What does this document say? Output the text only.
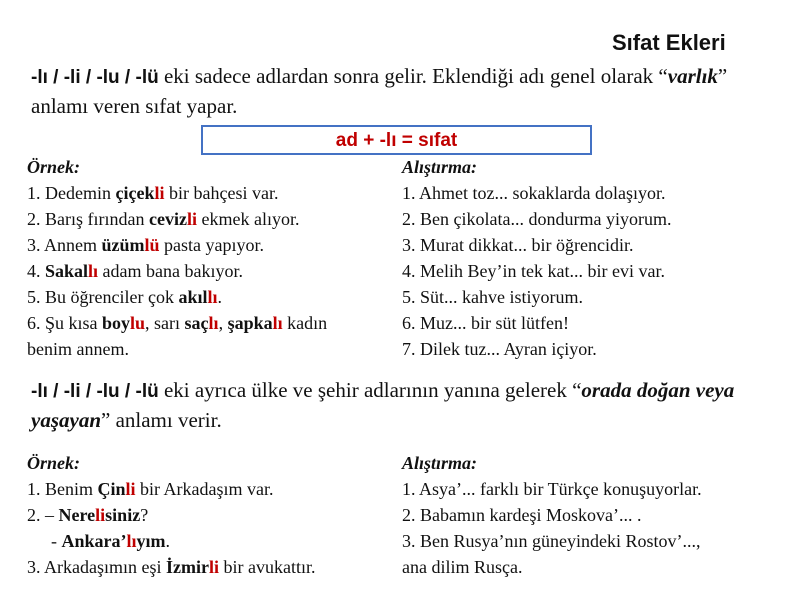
Sıfat Ekleri
-lı / -li / -lu / -lü eki sadece adlardan sonra gelir. Eklendiği adı genel olarak “varlık” anlamı veren sıfat yapar.
ad + -lı = sıfat
Örnek:
1. Dedemin çiçekli bir bahçesi var.
2. Barış fırından cevizli ekmek alıyor.
3. Annem üzümlü pasta yapıyor.
4. Sakallı adam bana bakıyor.
5. Bu öğrenciler çok akıllı.
6. Şu kısa boylu, sarı saçlı, şapkalı kadın
benim annem.
Alıştırma:
1. Ahmet toz... sokaklarda dolaşıyor.
2. Ben çikolata... dondurma yiyorum.
3. Murat dikkat... bir öğrencidir.
4. Melih Bey’in tek kat... bir evi var.
5. Süt... kahve istiyorum.
6. Muz... bir süt lütfen!
7. Dilek tuz... Ayran içiyor.
-lı / -li / -lu / -lü eki ayrıca ülke ve şehir adlarının yanına gelerek “orada doğan veya yaşayan” anlamı verir.
Örnek:
1. Benim Çinli bir Arkadaşım var.
2. – Nerelisiniz?
- Ankara’lıyım.
3. Arkadaşımın eşi İzmirli bir avukattır.
Alıştırma:
1. Asya’... farklı bir Türkçe konuşuyorlar.
2. Babamın kardeşi Moskova’... .
3. Ben Rusya’nın güneyindeki Rostov’...,
ana dilim Rusça.
